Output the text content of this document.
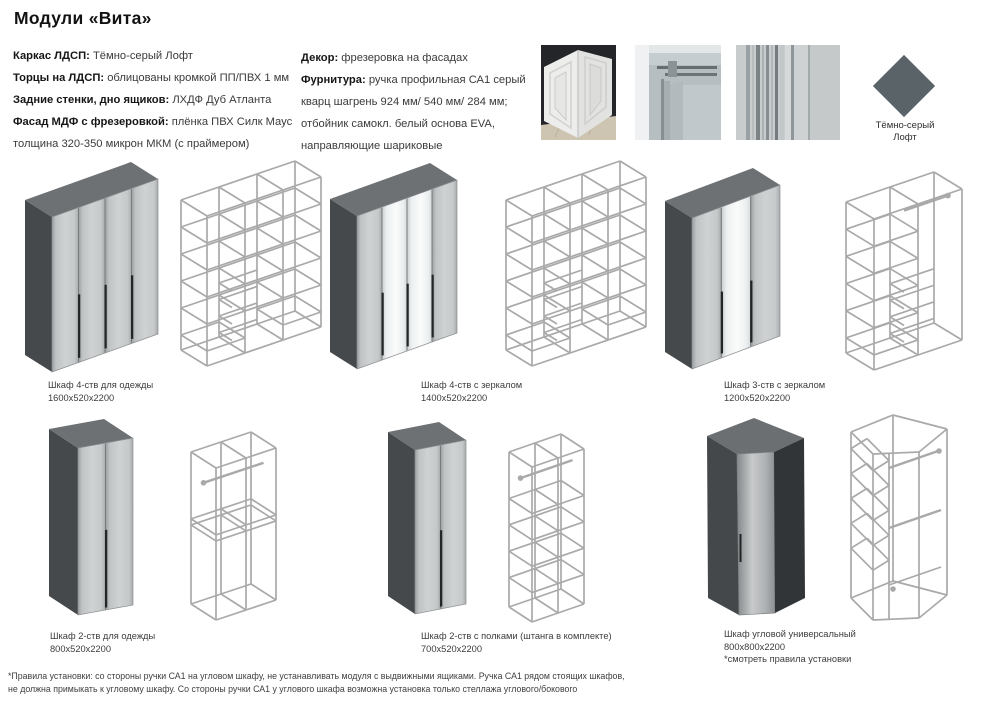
Модули «Вита»
Каркас ЛДСП: Тёмно-серый Лофт
Торцы на ЛДСП: облицованы кромкой ПП/ПВХ 1 мм
Задние стенки, дно ящиков: ЛХДФ Дуб Атланта
Фасад МДФ с фрезеровкой: плёнка ПВХ Силк Маус
толщина 320-350 микрон МКМ (с праймером)
Декор: фрезеровка на фасадах
Фурнитура: ручка профильная СА1 серый
кварц шагрень 924 мм/ 540 мм/ 284 мм;
отбойник самокл. белый основа EVA,
направляющие шариковые
Тёмно-серый
Лофт
Шкаф 4-ств для одежды
1600x520x2200
Шкаф 4-ств с зеркалом
1400x520x2200
Шкаф 3-ств с зеркалом
1200x520x2200
Шкаф 2-ств для одежды
800x520x2200
Шкаф 2-ств с полками (штанга в комплекте)
700x520x2200
Шкаф угловой универсальный
800x800x2200
*смотреть правила установки
*Правила установки: со стороны ручки СА1 на угловом шкафу, не устанавливать модуля с выдвижными ящиками. Ручка СА1 рядом стоящих шкафов,
не должна примыкать к угловому шкафу. Со стороны ручки СА1 у углового шкафа возможна установка только стеллажа углового/бокового
